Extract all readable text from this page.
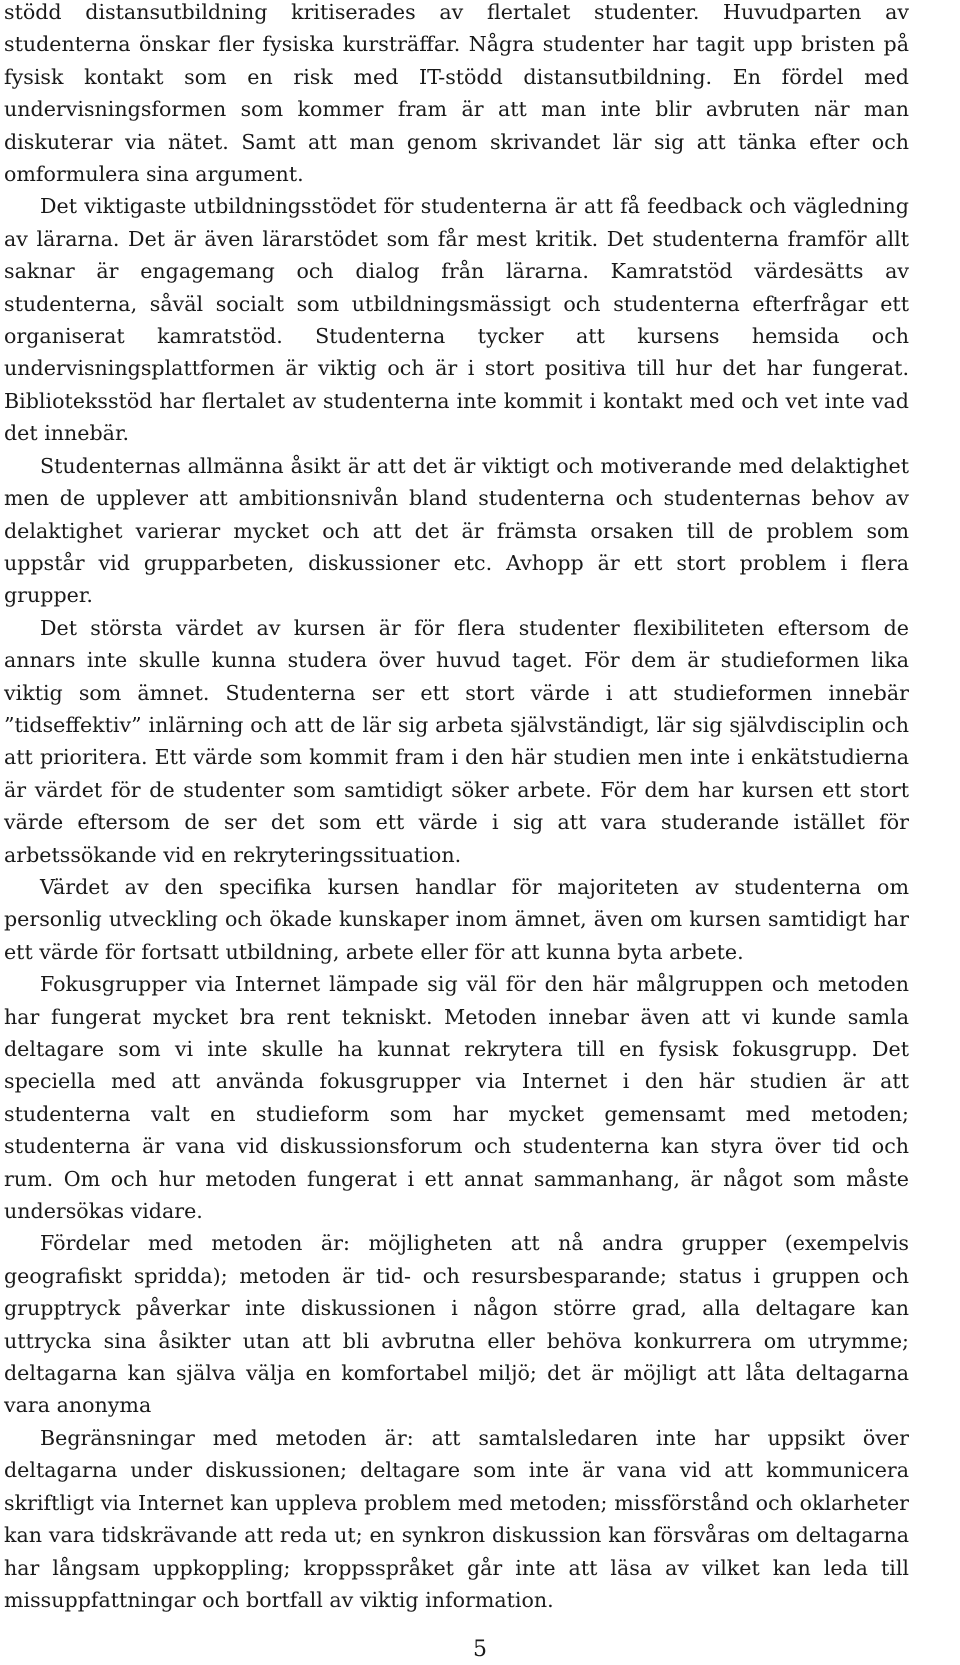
stödd distansutbildning kritiserades av flertalet studenter. Huvudparten av studenterna önskar fler fysiska kursträffar. Några studenter har tagit upp bristen på fysisk kontakt som en risk med IT-stödd distansutbildning. En fördel med undervisningsformen som kommer fram är att man inte blir avbruten när man diskuterar via nätet. Samt att man genom skrivandet lär sig att tänka efter och omformulera sina argument.

Det viktigaste utbildningsstödet för studenterna är att få feedback och vägledning av lärarna. Det är även lärarstödet som får mest kritik. Det studenterna framför allt saknar är engagemang och dialog från lärarna. Kamratstöd värdesätts av studenterna, såväl socialt som utbildningsmässigt och studenterna efterfrågar ett organiserat kamratstöd. Studenterna tycker att kursens hemsida och undervisningsplattformen är viktig och är i stort positiva till hur det har fungerat. Biblioteksstöd har flertalet av studenterna inte kommit i kontakt med och vet inte vad det innebär.

Studenternas allmänna åsikt är att det är viktigt och motiverande med delaktighet men de upplever att ambitionsnivån bland studenterna och studenternas behov av delaktighet varierar mycket och att det är främsta orsaken till de problem som uppstår vid grupparbeten, diskussioner etc. Avhopp är ett stort problem i flera grupper.

Det största värdet av kursen är för flera studenter flexibiliteten eftersom de annars inte skulle kunna studera över huvud taget. För dem är studieformen lika viktig som ämnet. Studenterna ser ett stort värde i att studieformen innebär ”tidseffektiv” inlärning och att de lär sig arbeta självständigt, lär sig självdisciplin och att prioritera. Ett värde som kommit fram i den här studien men inte i enkätstudierna är värdet för de studenter som samtidigt söker arbete. För dem har kursen ett stort värde eftersom de ser det som ett värde i sig att vara studerande istället för arbetssökande vid en rekryteringssituation.

Värdet av den specifika kursen handlar för majoriteten av studenterna om personlig utveckling och ökade kunskaper inom ämnet, även om kursen samtidigt har ett värde för fortsatt utbildning, arbete eller för att kunna byta arbete.

Fokusgrupper via Internet lämpade sig väl för den här målgruppen och metoden har fungerat mycket bra rent tekniskt. Metoden innebar även att vi kunde samla deltagare som vi inte skulle ha kunnat rekrytera till en fysisk fokusgrupp. Det speciella med att använda fokusgrupper via Internet i den här studien är att studenterna valt en studieform som har mycket gemensamt med metoden; studenterna är vana vid diskussionsforum och studenterna kan styra över tid och rum. Om och hur metoden fungerat i ett annat sammanhang, är något som måste undersökas vidare.

Fördelar med metoden är: möjligheten att nå andra grupper (exempelvis geografiskt spridda); metoden är tid- och resursbesparande; status i gruppen och grupptryck påverkar inte diskussionen i någon större grad, alla deltagare kan uttrycka sina åsikter utan att bli avbrutna eller behöva konkurrera om utrymme; deltagarna kan själva välja en komfortabel miljö; det är möjligt att låta deltagarna vara anonyma

Begränsningar med metoden är: att samtalsledaren inte har uppsikt över deltagarna under diskussionen; deltagare som inte är vana vid att kommunicera skriftligt via Internet kan uppleva problem med metoden; missförstånd och oklarheter kan vara tidskrävande att reda ut; en synkron diskussion kan försvåras om deltagarna har långsam uppkoppling; kroppsspråket går inte att läsa av vilket kan leda till missuppfattningar och bortfall av viktig information.

5
